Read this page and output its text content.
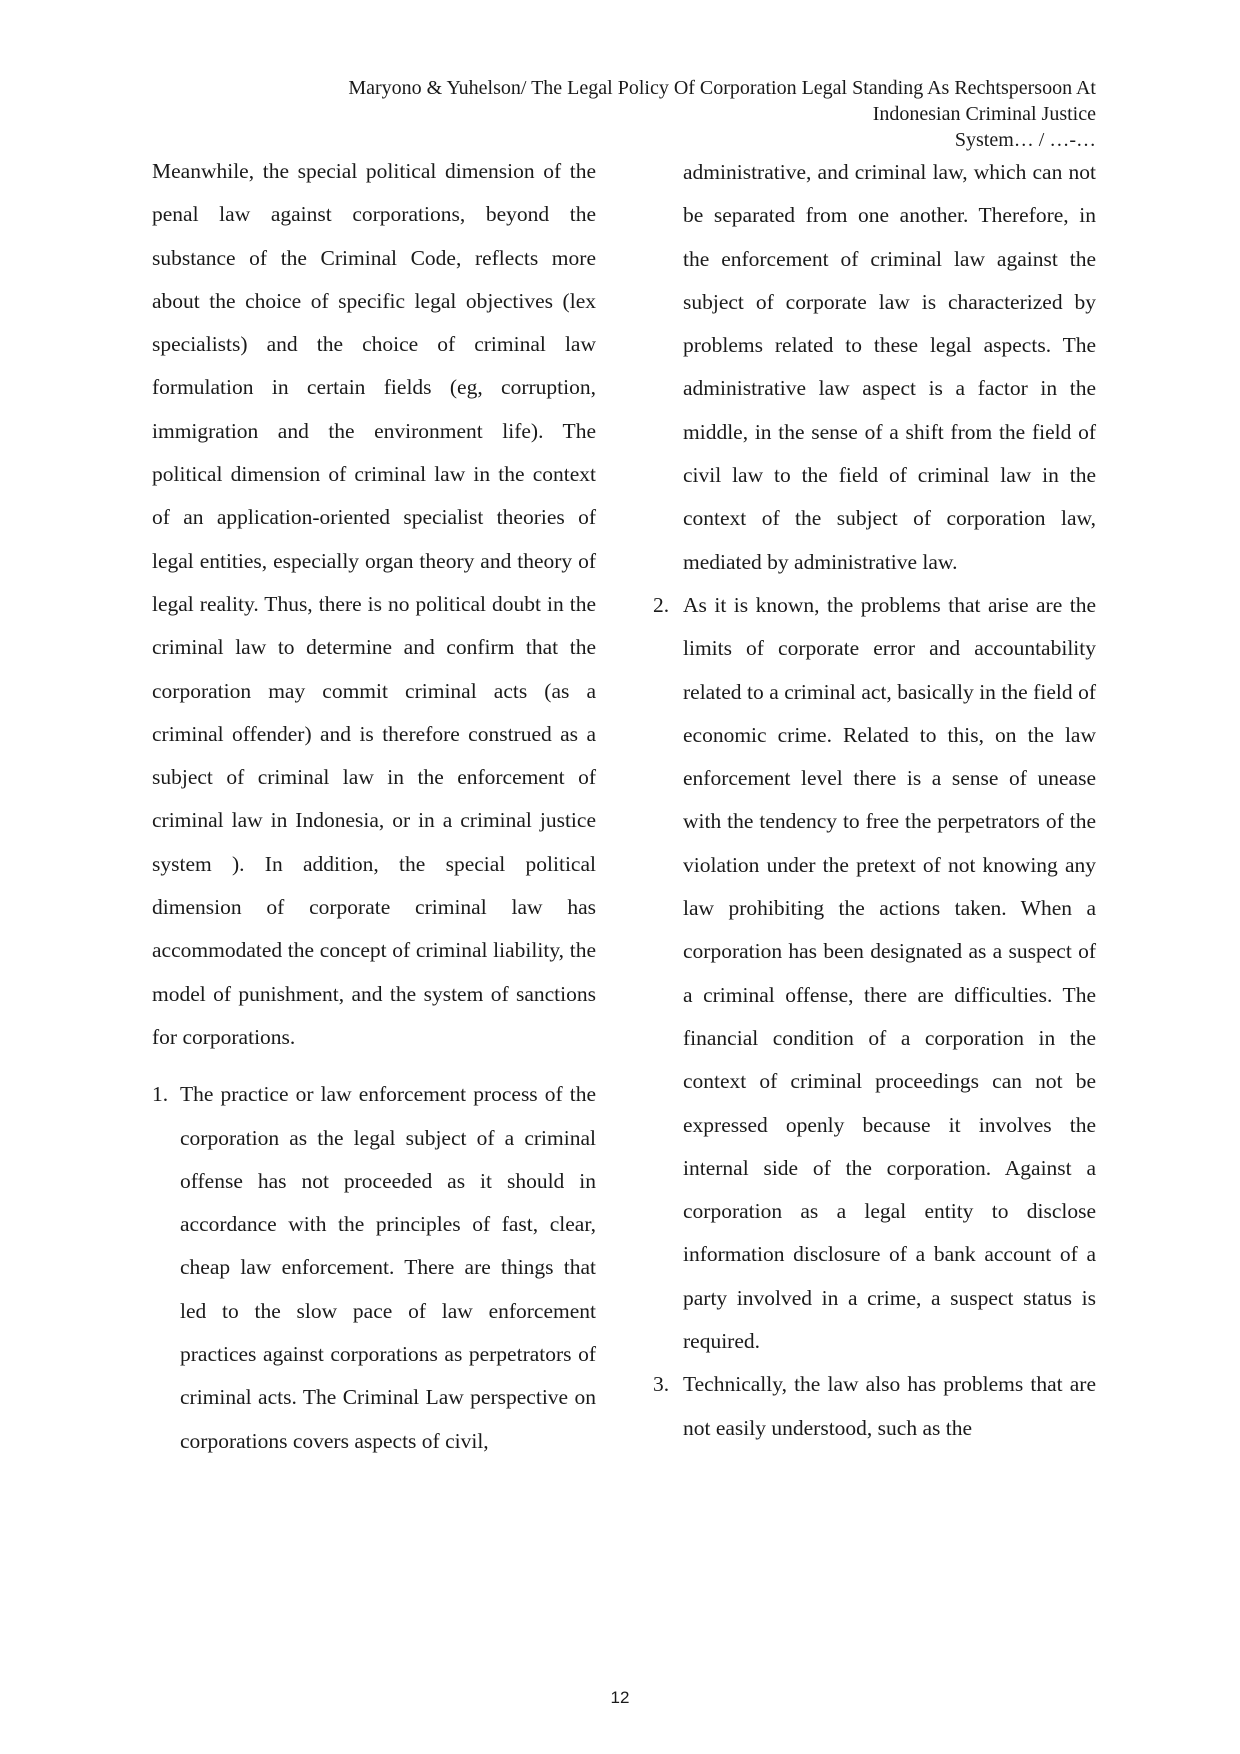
Maryono & Yuhelson/ The Legal Policy Of Corporation Legal Standing As Rechtspersoon At
Indonesian Criminal Justice
System… / …-…

Meanwhile, the special political dimension of the penal law against corporations, beyond the substance of the Criminal Code, reflects more about the choice of specific legal objectives (lex specialists) and the choice of criminal law formulation in certain fields (eg, corruption, immigration and the environment life). The political dimension of criminal law in the context of an application-oriented specialist theories of legal entities, especially organ theory and theory of legal reality. Thus, there is no political doubt in the criminal law to determine and confirm that the corporation may commit criminal acts (as a criminal offender) and is therefore construed as a subject of criminal law in the enforcement of criminal law in Indonesia, or in a criminal justice system ). In addition, the special political dimension of corporate criminal law has accommodated the concept of criminal liability, the model of punishment, and the system of sanctions for corporations.

1. The practice or law enforcement process of the corporation as the legal subject of a criminal offense has not proceeded as it should in accordance with the principles of fast, clear, cheap law enforcement. There are things that led to the slow pace of law enforcement practices against corporations as perpetrators of criminal acts. The Criminal Law perspective on corporations covers aspects of civil,

administrative, and criminal law, which can not be separated from one another. Therefore, in the enforcement of criminal law against the subject of corporate law is characterized by problems related to these legal aspects. The administrative law aspect is a factor in the middle, in the sense of a shift from the field of civil law to the field of criminal law in the context of the subject of corporation law, mediated by administrative law.

2. As it is known, the problems that arise are the limits of corporate error and accountability related to a criminal act, basically in the field of economic crime. Related to this, on the law enforcement level there is a sense of unease with the tendency to free the perpetrators of the violation under the pretext of not knowing any law prohibiting the actions taken. When a corporation has been designated as a suspect of a criminal offense, there are difficulties. The financial condition of a corporation in the context of criminal proceedings can not be expressed openly because it involves the internal side of the corporation. Against a corporation as a legal entity to disclose information disclosure of a bank account of a party involved in a crime, a suspect status is required.

3. Technically, the law also has problems that are not easily understood, such as the

12
